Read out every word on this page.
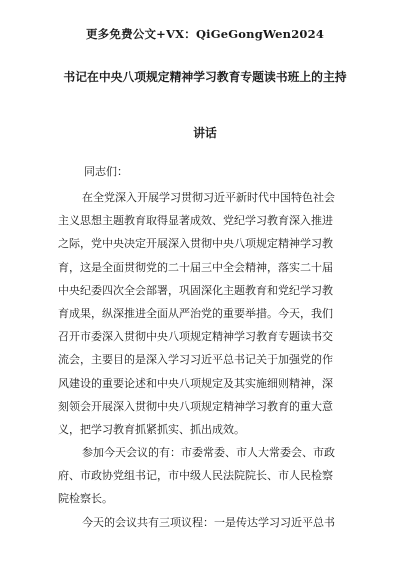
更多免费公文+VX：QiGeGongWen2024
书记在中央八项规定精神学习教育专题读书班上的主持
讲话
同志们：
在全党深入开展学习贯彻习近平新时代中国特色社会
主义思想主题教育取得显著成效、党纪学习教育深入推进
之际，党中央决定开展深入贯彻中央八项规定精神学习教
育，这是全面贯彻党的二十届三中全会精神，落实二十届
中央纪委四次全会部署，巩固深化主题教育和党纪学习教
育成果，纵深推进全面从严治党的重要举措。今天，我们
召开市委深入贯彻中央八项规定精神学习教育专题读书交
流会，主要目的是深入学习习近平总书记关于加强党的作
风建设的重要论述和中央八项规定及其实施细则精神，深
刻领会开展深入贯彻中央八项规定精神学习教育的重大意
义，把学习教育抓紧抓实、抓出成效。
参加今天会议的有：市委常委、市人大常委会、市政
府、市政协党组书记，市中级人民法院院长、市人民检察
院检察长。
今天的会议共有三项议程：一是传达学习习近平总书
